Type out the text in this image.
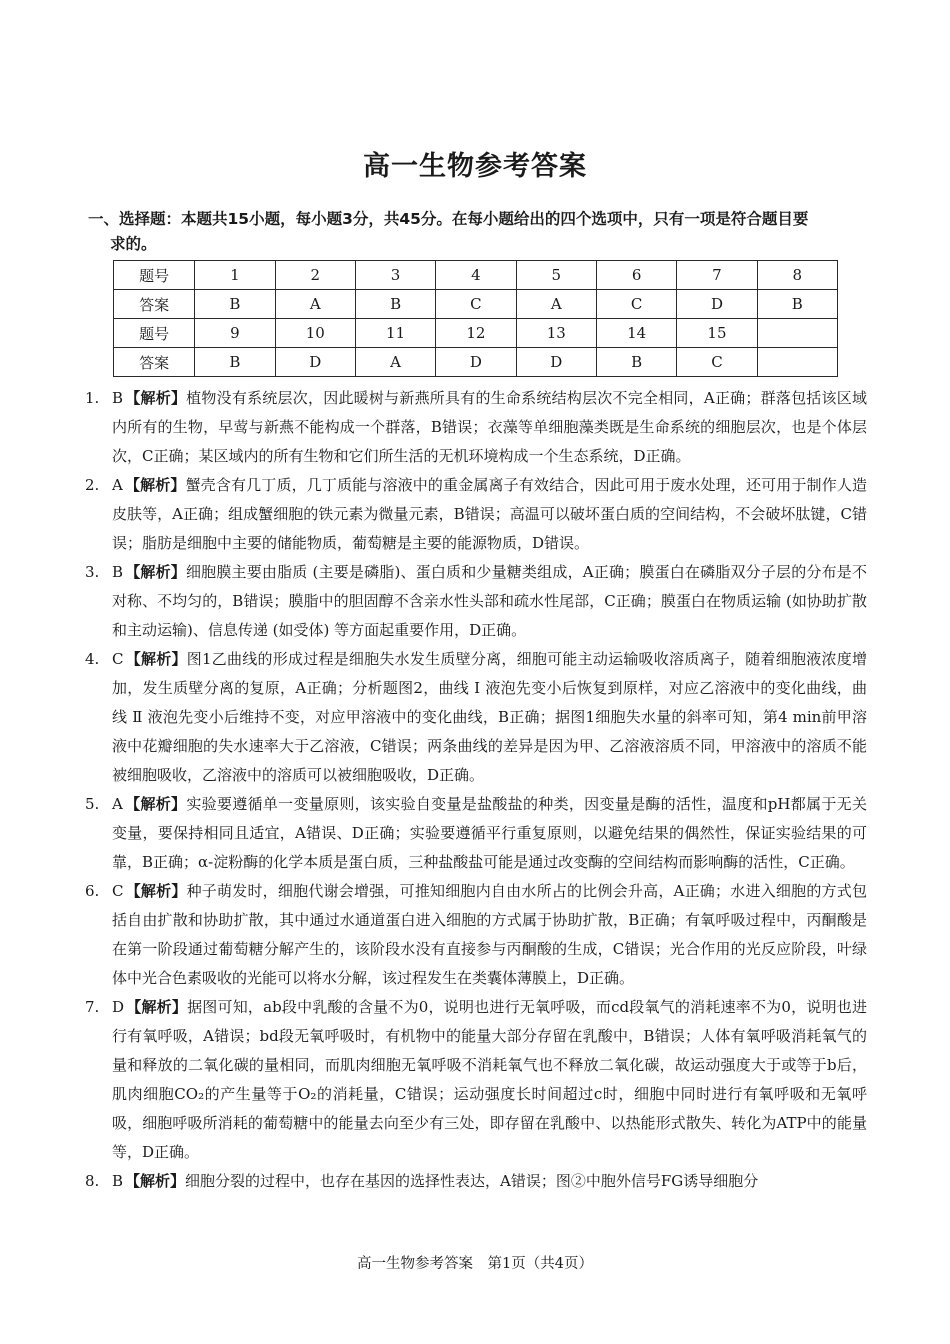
高一生物参考答案
一、选择题：本题共15小题，每小题3分，共45分。在每小题给出的四个选项中，只有一项是符合题目要
求的。
题号	1	2	3	4	5	6	7	8
答案	B	A	B	C	A	C	D	B
题号	9	10	11	12	13	14	15	
答案	B	D	A	D	D	B	C	
1. B 【解析】植物没有系统层次，因此暖树与新燕所具有的生命系统结构层次不完全相同，A正确；群落包括该区域内所有的生物，早莺与新燕不能构成一个群落，B错误；衣藻等单细胞藻类既是生命系统的细胞层次，也是个体层次，C正确；某区域内的所有生物和它们所生活的无机环境构成一个生态系统，D正确。
2. A 【解析】蟹壳含有几丁质，几丁质能与溶液中的重金属离子有效结合，因此可用于废水处理，还可用于制作人造皮肤等，A正确；组成蟹细胞的铁元素为微量元素，B错误；高温可以破坏蛋白质的空间结构，不会破坏肽键，C错误；脂肪是细胞中主要的储能物质，葡萄糖是主要的能源物质，D错误。
3. B 【解析】细胞膜主要由脂质 (主要是磷脂)、蛋白质和少量糖类组成，A正确；膜蛋白在磷脂双分子层的分布是不对称、不均匀的，B错误；膜脂中的胆固醇不含亲水性头部和疏水性尾部，C正确；膜蛋白在物质运输 (如协助扩散和主动运输)、信息传递 (如受体) 等方面起重要作用，D正确。
4. C 【解析】图1乙曲线的形成过程是细胞失水发生质壁分离，细胞可能主动运输吸收溶质离子，随着细胞液浓度增加，发生质壁分离的复原，A正确；分析题图2，曲线 Ⅰ 液泡先变小后恢复到原样，对应乙溶液中的变化曲线，曲线 Ⅱ 液泡先变小后维持不变，对应甲溶液中的变化曲线，B正确；据图1细胞失水量的斜率可知，第4 min前甲溶液中花瓣细胞的失水速率大于乙溶液，C错误；两条曲线的差异是因为甲、乙溶液溶质不同，甲溶液中的溶质不能被细胞吸收，乙溶液中的溶质可以被细胞吸收，D正确。
5. A 【解析】实验要遵循单一变量原则，该实验自变量是盐酸盐的种类，因变量是酶的活性，温度和pH都属于无关变量，要保持相同且适宜，A错误、D正确；实验要遵循平行重复原则，以避免结果的偶然性，保证实验结果的可靠，B正确；α-淀粉酶的化学本质是蛋白质，三种盐酸盐可能是通过改变酶的空间结构而影响酶的活性，C正确。
6. C 【解析】种子萌发时，细胞代谢会增强，可推知细胞内自由水所占的比例会升高，A正确；水进入细胞的方式包括自由扩散和协助扩散，其中通过水通道蛋白进入细胞的方式属于协助扩散，B正确；有氧呼吸过程中，丙酮酸是在第一阶段通过葡萄糖分解产生的，该阶段水没有直接参与丙酮酸的生成，C错误；光合作用的光反应阶段，叶绿体中光合色素吸收的光能可以将水分解，该过程发生在类囊体薄膜上，D正确。
7. D 【解析】据图可知，ab段中乳酸的含量不为0，说明也进行无氧呼吸，而cd段氧气的消耗速率不为0，说明也进行有氧呼吸，A错误；bd段无氧呼吸时，有机物中的能量大部分存留在乳酸中，B错误；人体有氧呼吸消耗氧气的量和释放的二氧化碳的量相同，而肌肉细胞无氧呼吸不消耗氧气也不释放二氧化碳，故运动强度大于或等于b后，肌肉细胞CO₂的产生量等于O₂的消耗量，C错误；运动强度长时间超过c时，细胞中同时进行有氧呼吸和无氧呼吸，细胞呼吸所消耗的葡萄糖中的能量去向至少有三处，即存留在乳酸中、以热能形式散失、转化为ATP中的能量等，D正确。
8. B 【解析】细胞分裂的过程中，也存在基因的选择性表达，A错误；图②中胞外信号FG诱导细胞分
高一生物参考答案　第1页（共4页）
